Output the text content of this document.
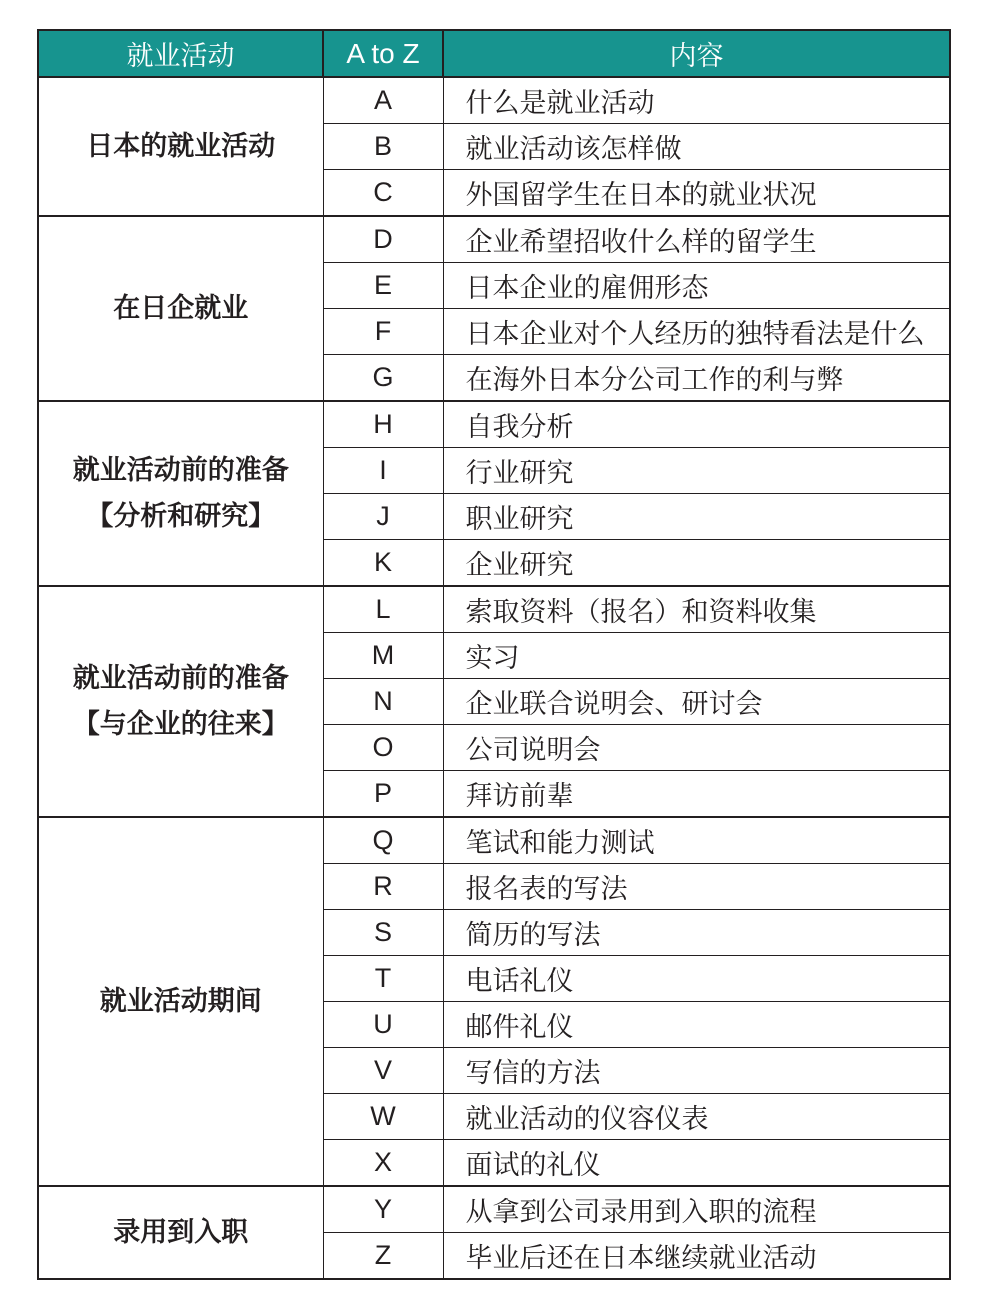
就业活动	A to Z	内容

日本的就业活动	A	什么是就业活动
	B	就业活动该怎样做
	C	外国留学生在日本的就业状况

在日企就业	D	企业希望招收什么样的留学生
	E	日本企业的雇佣形态
	F	日本企业对个人经历的独特看法是什么
	G	在海外日本分公司工作的利与弊

就业活动前的准备
【分析和研究】	H	自我分析
	I	行业研究
	J	职业研究
	K	企业研究

就业活动前的准备
【与企业的往来】	L	索取资料（报名）和资料收集
	M	实习
	N	企业联合说明会、研讨会
	O	公司说明会
	P	拜访前辈

就业活动期间	Q	笔试和能力测试
	R	报名表的写法
	S	简历的写法
	T	电话礼仪
	U	邮件礼仪
	V	写信的方法
	W	就业活动的仪容仪表
	X	面试的礼仪

录用到入职	Y	从拿到公司录用到入职的流程
	Z	毕业后还在日本继续就业活动
